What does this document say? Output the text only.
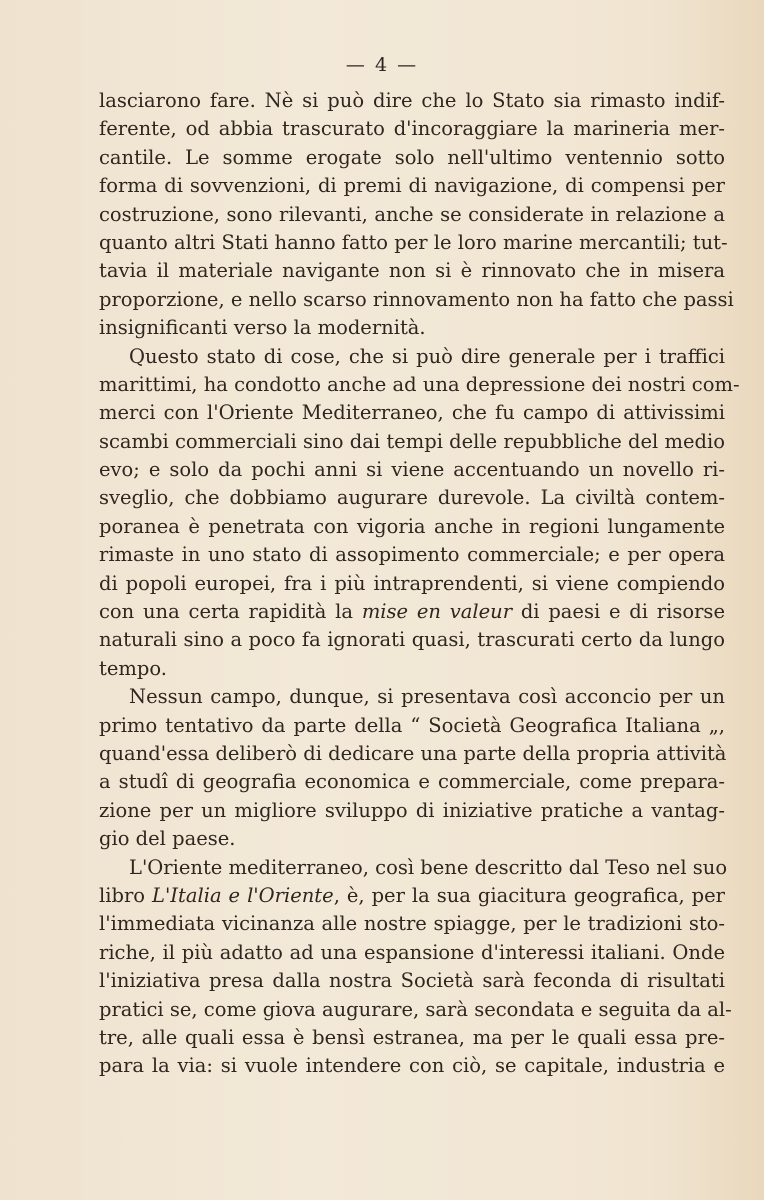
— 4 —
lasciarono fare. Nè si può dire che lo Stato sia rimasto indif-
ferente, od abbia trascurato d'incoraggiare la marineria mer-
cantile. Le somme erogate solo nell'ultimo ventennio sotto
forma di sovvenzioni, di premi di navigazione, di compensi per
costruzione, sono rilevanti, anche se considerate in relazione a
quanto altri Stati hanno fatto per le loro marine mercantili; tut-
tavia il materiale navigante non si è rinnovato che in misera
proporzione, e nello scarso rinnovamento non ha fatto che passi
insignificanti verso la modernità.
Questo stato di cose, che si può dire generale per i traffici
marittimi, ha condotto anche ad una depressione dei nostri com-
merci con l'Oriente Mediterraneo, che fu campo di attivissimi
scambi commerciali sino dai tempi delle repubbliche del medio
evo; e solo da pochi anni si viene accentuando un novello ri-
sveglio, che dobbiamo augurare durevole. La civiltà contem-
poranea è penetrata con vigoria anche in regioni lungamente
rimaste in uno stato di assopimento commerciale; e per opera
di popoli europei, fra i più intraprendenti, si viene compiendo
con una certa rapidità la mise en valeur di paesi e di risorse
naturali sino a poco fa ignorati quasi, trascurati certo da lungo
tempo.
Nessun campo, dunque, si presentava così acconcio per un
primo tentativo da parte della “ Società Geografica Italiana „,
quand'essa deliberò di dedicare una parte della propria attività
a studî di geografia economica e commerciale, come prepara-
zione per un migliore sviluppo di iniziative pratiche a vantag-
gio del paese.
L'Oriente mediterraneo, così bene descritto dal Teso nel suo
libro L'Italia e l'Oriente, è, per la sua giacitura geografica, per
l'immediata vicinanza alle nostre spiagge, per le tradizioni sto-
riche, il più adatto ad una espansione d'interessi italiani. Onde
l'iniziativa presa dalla nostra Società sarà feconda di risultati
pratici se, come giova augurare, sarà secondata e seguita da al-
tre, alle quali essa è bensì estranea, ma per le quali essa pre-
para la via: si vuole intendere con ciò, se capitale, industria e
